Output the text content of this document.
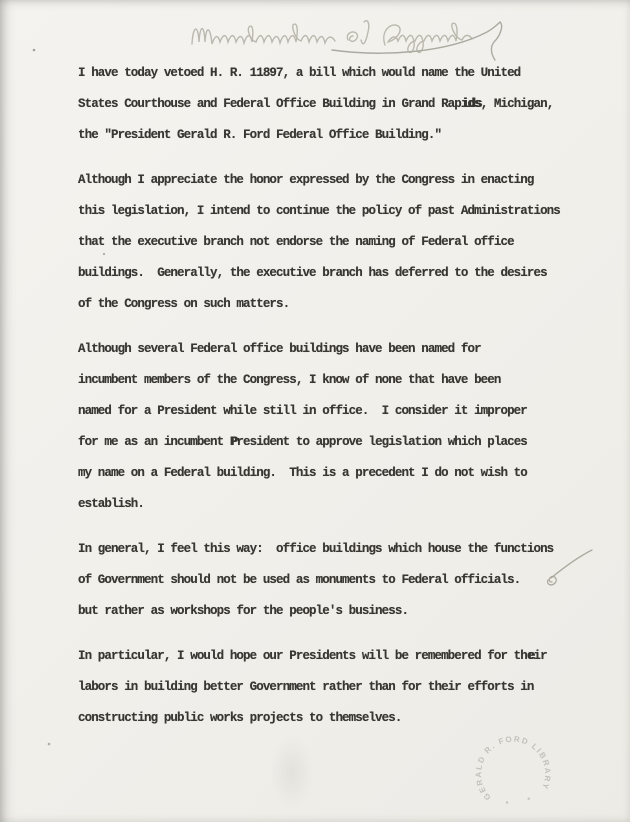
I have today vetoed H. R. 11897, a bill which would name the United
States Courthouse and Federal Office Building in Grand Rapids, Michigan,
the "President Gerald R. Ford Federal Office Building."
Although I appreciate the honor expressed by the Congress in enacting
this legislation, I intend to continue the policy of past Administrations
that the executive branch not endorse the naming of Federal office
buildings.  Generally, the executive branch has deferred to the desires
of the Congress on such matters.
Although several Federal office buildings have been named for
incumbent members of the Congress, I know of none that have been
named for a President while still in office.  I consider it improper
for me as an incumbent President to approve legislation which places
my name on a Federal building.  This is a precedent I do not wish to
establish.
In general, I feel this way:  office buildings which house the functions
of Government should not be used as monuments to Federal officials.
but rather as workshops for the people's business.
In particular, I would hope our Presidents will be remembered for their
labors in building better Government rather than for their efforts in
constructing public works projects to themselves.
GERALD R. FORD LIBRARY
